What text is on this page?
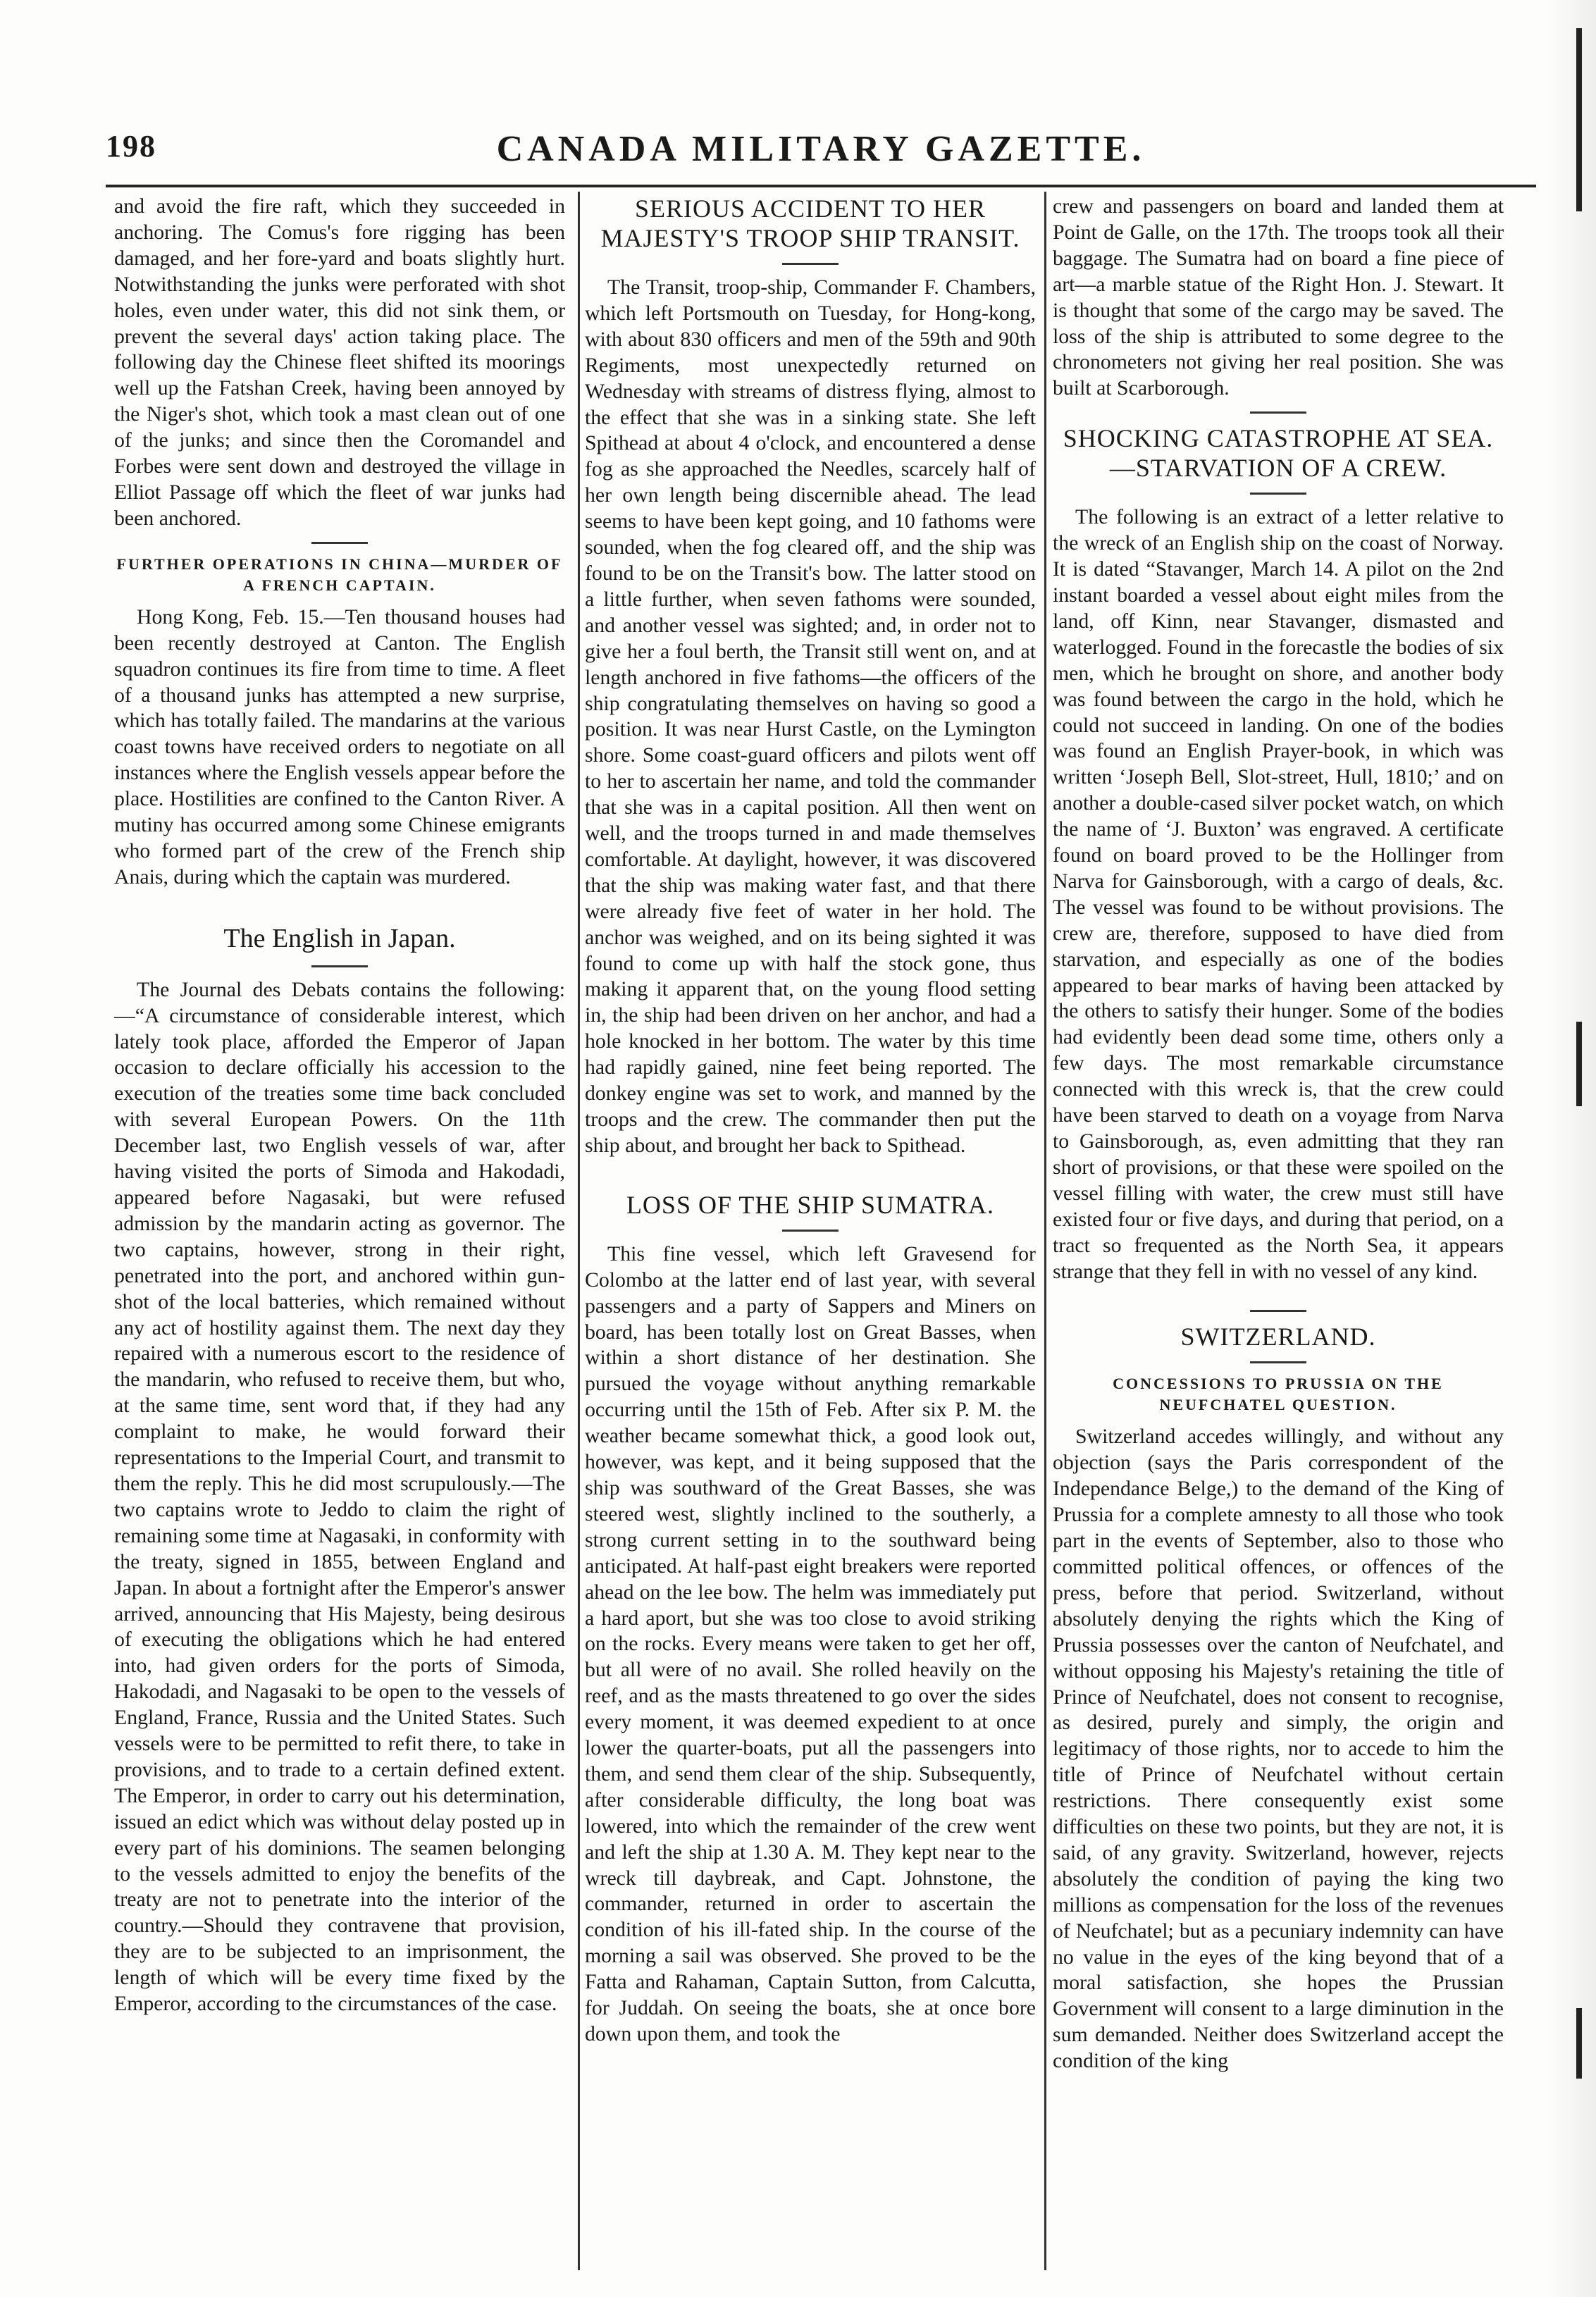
198	CANADA MILITARY GAZETTE.

and avoid the fire raft, which they succeeded in anchoring. The Comus's fore rigging has been damaged, and her fore-yard and boats slightly hurt. Notwithstanding the junks were perforated with shot holes, even under water, this did not sink them, or prevent the several days' action taking place. The following day the Chinese fleet shifted its moorings well up the Fatshan Creek, having been annoyed by the Niger's shot, which took a mast clean out of one of the junks; and since then the Coromandel and Forbes were sent down and destroyed the village in Elliot Passage off which the fleet of war junks had been anchored.

FURTHER OPERATIONS IN CHINA—MURDER OF A FRENCH CAPTAIN.

Hong Kong, Feb. 15.—Ten thousand houses had been recently destroyed at Canton. The English squadron continues its fire from time to time. A fleet of a thousand junks has attempted a new surprise, which has totally failed. The mandarins at the various coast towns have received orders to negotiate on all instances where the English vessels appear before the place. Hostilities are confined to the Canton River. A mutiny has occurred among some Chinese emigrants who formed part of the crew of the French ship Anais, during which the captain was murdered.

The English in Japan.

The Journal des Debats contains the following:—“A circumstance of considerable interest, which lately took place, afforded the Emperor of Japan occasion to declare officially his accession to the execution of the treaties some time back concluded with several European Powers. On the 11th December last, two English vessels of war, after having visited the ports of Simoda and Hakodadi, appeared before Nagasaki, but were refused admission by the mandarin acting as governor. The two captains, however, strong in their right, penetrated into the port, and anchored within gun-shot of the local batteries, which remained without any act of hostility against them. The next day they repaired with a numerous escort to the residence of the mandarin, who refused to receive them, but who, at the same time, sent word that, if they had any complaint to make, he would forward their representations to the Imperial Court, and transmit to them the reply. This he did most scrupulously.—The two captains wrote to Jeddo to claim the right of remaining some time at Nagasaki, in conformity with the treaty, signed in 1855, between England and Japan. In about a fortnight after the Emperor's answer arrived, announcing that His Majesty, being desirous of executing the obligations which he had entered into, had given orders for the ports of Simoda, Hakodadi, and Nagasaki to be open to the vessels of England, France, Russia and the United States. Such vessels were to be permitted to refit there, to take in provisions, and to trade to a certain defined extent. The Emperor, in order to carry out his determination, issued an edict which was without delay posted up in every part of his dominions. The seamen belonging to the vessels admitted to enjoy the benefits of the treaty are not to penetrate into the interior of the country.—Should they contravene that provision, they are to be subjected to an imprisonment, the length of which will be every time fixed by the Emperor, according to the circumstances of the case.

SERIOUS ACCIDENT TO HER MAJESTY'S TROOP SHIP TRANSIT.

The Transit, troop-ship, Commander F. Chambers, which left Portsmouth on Tuesday, for Hong-kong, with about 830 officers and men of the 59th and 90th Regiments, most unexpectedly returned on Wednesday with streams of distress flying, almost to the effect that she was in a sinking state. She left Spithead at about 4 o'clock, and encountered a dense fog as she approached the Needles, scarcely half of her own length being discernible ahead. The lead seems to have been kept going, and 10 fathoms were sounded, when the fog cleared off, and the ship was found to be on the Transit's bow. The latter stood on a little further, when seven fathoms were sounded, and another vessel was sighted; and, in order not to give her a foul berth, the Transit still went on, and at length anchored in five fathoms—the officers of the ship congratulating themselves on having so good a position. It was near Hurst Castle, on the Lymington shore. Some coast-guard officers and pilots went off to her to ascertain her name, and told the commander that she was in a capital position. All then went on well, and the troops turned in and made themselves comfortable. At daylight, however, it was discovered that the ship was making water fast, and that there were already five feet of water in her hold. The anchor was weighed, and on its being sighted it was found to come up with half the stock gone, thus making it apparent that, on the young flood setting in, the ship had been driven on her anchor, and had a hole knocked in her bottom. The water by this time had rapidly gained, nine feet being reported. The donkey engine was set to work, and manned by the troops and the crew. The commander then put the ship about, and brought her back to Spithead.

LOSS OF THE SHIP SUMATRA.

This fine vessel, which left Gravesend for Colombo at the latter end of last year, with several passengers and a party of Sappers and Miners on board, has been totally lost on Great Basses, when within a short distance of her destination. She pursued the voyage without anything remarkable occurring until the 15th of Feb. After six P. M. the weather became somewhat thick, a good look out, however, was kept, and it being supposed that the ship was southward of the Great Basses, she was steered west, slightly inclined to the southerly, a strong current setting in to the southward being anticipated. At half-past eight breakers were reported ahead on the lee bow. The helm was immediately put a hard aport, but she was too close to avoid striking on the rocks. Every means were taken to get her off, but all were of no avail. She rolled heavily on the reef, and as the masts threatened to go over the sides every moment, it was deemed expedient to at once lower the quarter-boats, put all the passengers into them, and send them clear of the ship. Subsequently, after considerable difficulty, the long boat was lowered, into which the remainder of the crew went and left the ship at 1.30 A. M. They kept near to the wreck till daybreak, and Capt. Johnstone, the commander, returned in order to ascertain the condition of his ill-fated ship. In the course of the morning a sail was observed. She proved to be the Fatta and Rahaman, Captain Sutton, from Calcutta, for Juddah. On seeing the boats, she at once bore down upon them, and took the

crew and passengers on board and landed them at Point de Galle, on the 17th. The troops took all their baggage. The Sumatra had on board a fine piece of art—a marble statue of the Right Hon. J. Stewart. It is thought that some of the cargo may be saved. The loss of the ship is attributed to some degree to the chronometers not giving her real position. She was built at Scarborough.

SHOCKING CATASTROPHE AT SEA.—STARVATION OF A CREW.

The following is an extract of a letter relative to the wreck of an English ship on the coast of Norway. It is dated “Stavanger, March 14. A pilot on the 2nd instant boarded a vessel about eight miles from the land, off Kinn, near Stavanger, dismasted and waterlogged. Found in the forecastle the bodies of six men, which he brought on shore, and another body was found between the cargo in the hold, which he could not succeed in landing. On one of the bodies was found an English Prayer-book, in which was written ‘Joseph Bell, Slot-street, Hull, 1810;’ and on another a double-cased silver pocket watch, on which the name of ‘J. Buxton’ was engraved. A certificate found on board proved to be the Hollinger from Narva for Gainsborough, with a cargo of deals, &c. The vessel was found to be without provisions. The crew are, therefore, supposed to have died from starvation, and especially as one of the bodies appeared to bear marks of having been attacked by the others to satisfy their hunger. Some of the bodies had evidently been dead some time, others only a few days. The most remarkable circumstance connected with this wreck is, that the crew could have been starved to death on a voyage from Narva to Gainsborough, as, even admitting that they ran short of provisions, or that these were spoiled on the vessel filling with water, the crew must still have existed four or five days, and during that period, on a tract so frequented as the North Sea, it appears strange that they fell in with no vessel of any kind.

SWITZERLAND.
CONCESSIONS TO PRUSSIA ON THE NEUFCHATEL QUESTION.

Switzerland accedes willingly, and without any objection (says the Paris correspondent of the Independance Belge,) to the demand of the King of Prussia for a complete amnesty to all those who took part in the events of September, also to those who committed political offences, or offences of the press, before that period. Switzerland, without absolutely denying the rights which the King of Prussia possesses over the canton of Neufchatel, and without opposing his Majesty's retaining the title of Prince of Neufchatel, does not consent to recognise, as desired, purely and simply, the origin and legitimacy of those rights, nor to accede to him the title of Prince of Neufchatel without certain restrictions. There consequently exist some difficulties on these two points, but they are not, it is said, of any gravity. Switzerland, however, rejects absolutely the condition of paying the king two millions as compensation for the loss of the revenues of Neufchatel; but as a pecuniary indemnity can have no value in the eyes of the king beyond that of a moral satisfaction, she hopes the Prussian Government will consent to a large diminution in the sum demanded. Neither does Switzerland accept the condition of the king
